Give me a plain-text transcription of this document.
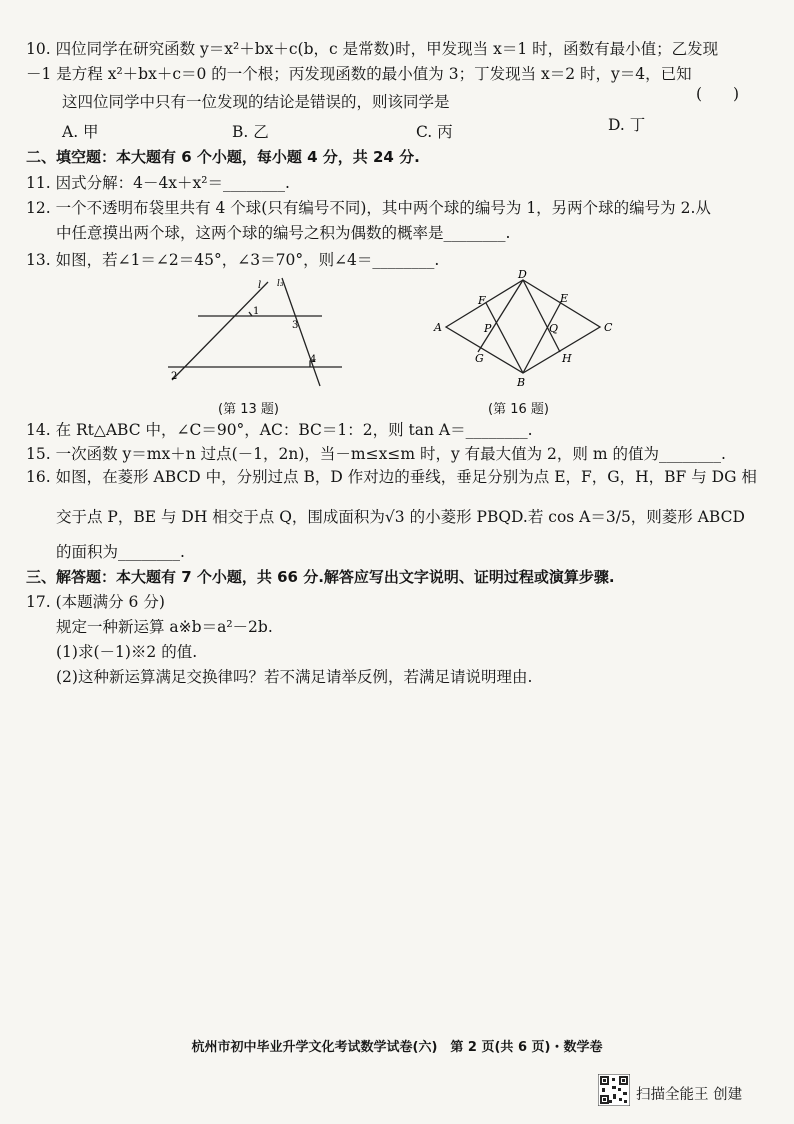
10. 四位同学在研究函数 y＝x²＋bx＋c(b，c 是常数)时，甲发现当 x＝1 时，函数有最小值；乙发现
－1 是方程 x²＋bx＋c＝0 的一个根；丙发现函数的最小值为 3；丁发现当 x＝2 时，y＝4，已知
这四位同学中只有一位发现的结论是错误的，则该同学是	(　　)
A. 甲	B. 乙	C. 丙	D. 丁
二、填空题：本大题有 6 个小题，每小题 4 分，共 24 分.
11. 因式分解：4－4x＋x²＝________.
12. 一个不透明布袋里共有 4 个球(只有编号不同)，其中两个球的编号为 1，另两个球的编号为 2.从
中任意摸出两个球，这两个球的编号之积为偶数的概率是________.
13. 如图，若∠1＝∠2＝45°，∠3＝70°，则∠4＝________.
l l₃
1
3
4
2
(第 13 题)
A	C
D
B
F	E
G	H
P	Q
(第 16 题)
14. 在 Rt△ABC 中，∠C＝90°，AC：BC＝1：2，则 tan A＝________.
15. 一次函数 y＝mx＋n 过点(－1，2n)，当－m≤x≤m 时，y 有最大值为 2，则 m 的值为________.
16. 如图，在菱形 ABCD 中，分别过点 B，D 作对边的垂线，垂足分别为点 E，F，G，H，BF 与 DG 相
交于点 P，BE 与 DH 相交于点 Q，围成面积为√3 的小菱形 PBQD.若 cos A＝3/5，则菱形 ABCD
的面积为________.
三、解答题：本大题有 7 个小题，共 66 分.解答应写出文字说明、证明过程或演算步骤.
17. (本题满分 6 分)
规定一种新运算 a※b＝a²－2b.
(1)求(－1)※2 的值.
(2)这种新运算满足交换律吗？若不满足请举反例，若满足请说明理由.
杭州市初中毕业升学文化考试数学试卷(六)　第 2 页(共 6 页)・数学卷
扫描全能王 创建
